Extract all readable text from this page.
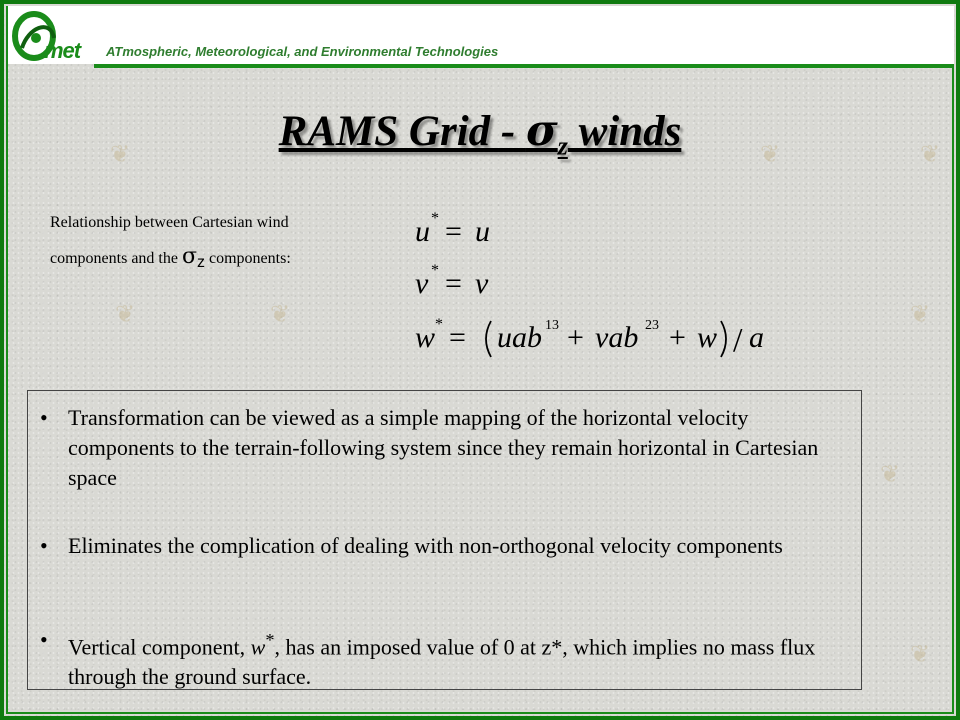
met ATmospheric, Meteorological, and Environmental Technologies
❦	❦	❦
❦	❦	❦
❦
❦
RAMS Grid - $\sigma_z$ winds
Relationship between Cartesian wind
components and the $\sigma_z$ components:
u * = u
v * = v
w * = uab 13 + vab 23 + w / a
• Transformation can be viewed as a simple mapping of the horizontal velocity components to the terrain-following system since they remain horizontal in Cartesian space
• Eliminates the complication of dealing with non-orthogonal velocity components
• Vertical component, w*, has an imposed value of 0 at z*, which implies no mass flux through the ground surface.
